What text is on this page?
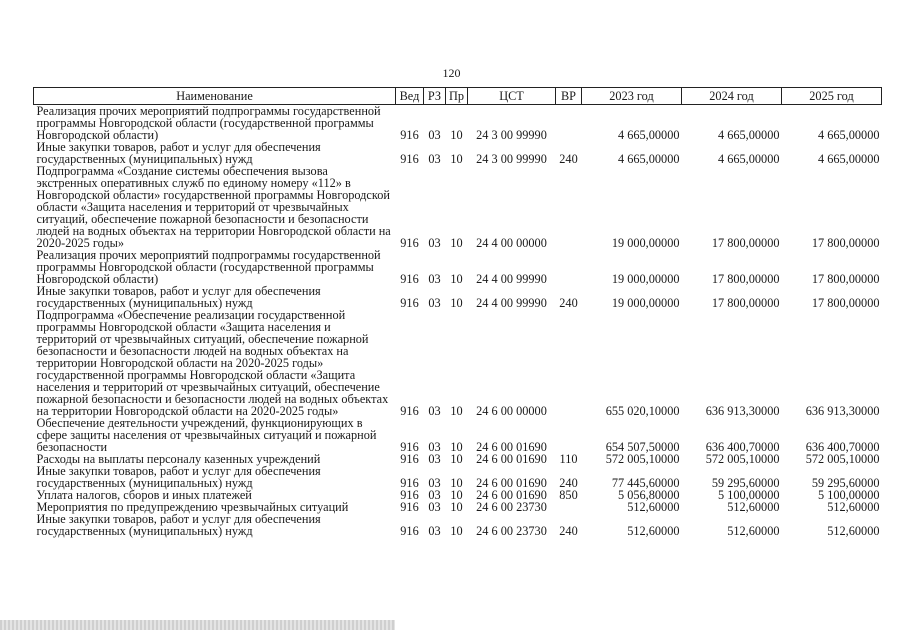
120
Наименование	Вед	РЗ	Пр	ЦСТ	ВР	2023 год	2024 год	2025 год
Реализация прочих мероприятий подпрограммы государственной программы Новгородской области (государственной программы Новгородской области)	916	03	10	24 3 00 99990		4 665,00000	4 665,00000	4 665,00000
Иные закупки товаров, работ и услуг для обеспечения государственных (муниципальных) нужд	916	03	10	24 3 00 99990	240	4 665,00000	4 665,00000	4 665,00000
Подпрограмма «Создание системы обеспечения вызова экстренных оперативных служб по единому номеру «112» в Новгородской области» государственной программы Новгородской области «Защита населения и территорий от чрезвычайных ситуаций, обеспечение пожарной безопасности и безопасности людей на водных объектах на территории Новгородской области на 2020-2025 годы»	916	03	10	24 4 00 00000		19 000,00000	17 800,00000	17 800,00000
Реализация прочих мероприятий подпрограммы государственной программы Новгородской области (государственной программы Новгородской области)	916	03	10	24 4 00 99990		19 000,00000	17 800,00000	17 800,00000
Иные закупки товаров, работ и услуг для обеспечения государственных (муниципальных) нужд	916	03	10	24 4 00 99990	240	19 000,00000	17 800,00000	17 800,00000
Подпрограмма «Обеспечение реализации государственной программы Новгородской области «Защита населения и территорий от чрезвычайных ситуаций, обеспечение пожарной безопасности и безопасности людей на водных объектах на территории Новгородской области на 2020-2025 годы» государственной программы Новгородской области «Защита населения и территорий от чрезвычайных ситуаций, обеспечение пожарной безопасности и безопасности людей на водных объектах на территории Новгородской области на 2020-2025 годы»	916	03	10	24 6 00 00000		655 020,10000	636 913,30000	636 913,30000
Обеспечение деятельности учреждений, функционирующих в сфере защиты населения от чрезвычайных ситуаций и пожарной безопасности	916	03	10	24 6 00 01690		654 507,50000	636 400,70000	636 400,70000
Расходы на выплаты персоналу казенных учреждений	916	03	10	24 6 00 01690	110	572 005,10000	572 005,10000	572 005,10000
Иные закупки товаров, работ и услуг для обеспечения государственных (муниципальных) нужд	916	03	10	24 6 00 01690	240	77 445,60000	59 295,60000	59 295,60000
Уплата налогов, сборов и иных платежей	916	03	10	24 6 00 01690	850	5 056,80000	5 100,00000	5 100,00000
Мероприятия по предупреждению чрезвычайных ситуаций	916	03	10	24 6 00 23730		512,60000	512,60000	512,60000
Иные закупки товаров, работ и услуг для обеспечения государственных (муниципальных) нужд	916	03	10	24 6 00 23730	240	512,60000	512,60000	512,60000
